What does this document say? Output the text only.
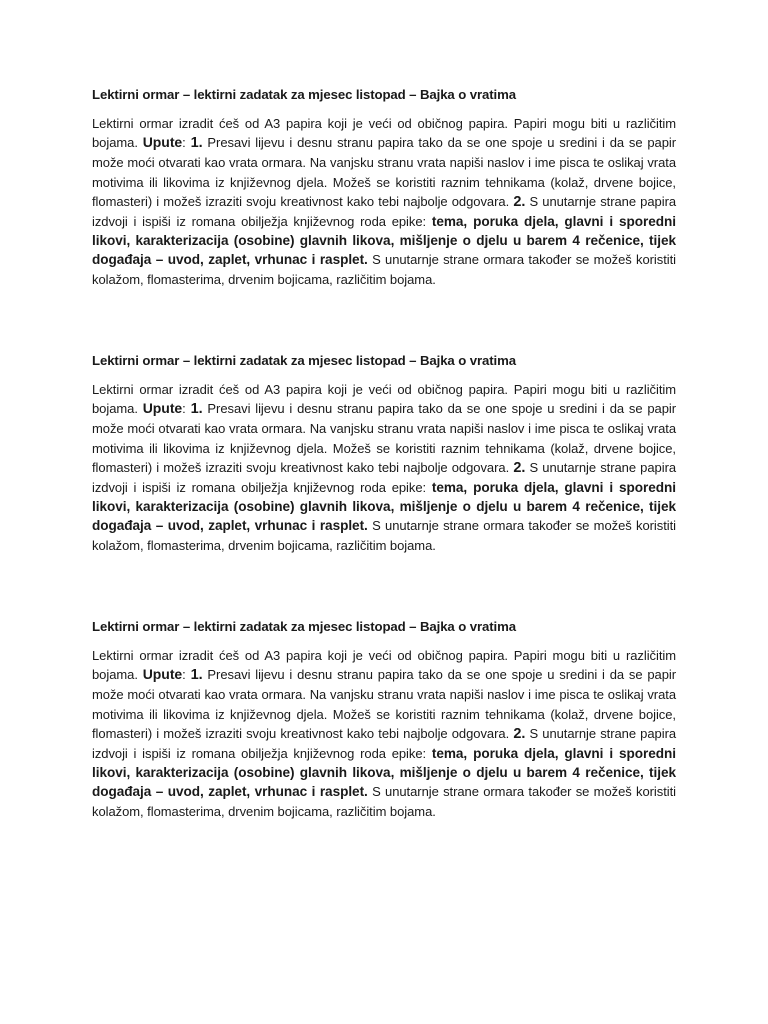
Lektirni ormar – lektirni zadatak za mjesec listopad – Bajka o vratima

Lektirni ormar izradit ćeš od A3 papira koji je veći od običnog papira. Papiri mogu biti u različitim bojama. Upute: 1. Presavi lijevu i desnu stranu papira tako da se one spoje u sredini i da se papir može moći otvarati kao vrata ormara. Na vanjsku stranu vrata napiši naslov i ime pisca te oslikaj vrata motivima ili likovima iz književnog djela. Možeš se koristiti raznim tehnikama (kolaž, drvene bojice, flomasteri) i možeš izraziti svoju kreativnost kako tebi najbolje odgovara. 2. S unutarnje strane papira izdvoji i ispiši iz romana obilježja književnog roda epike: tema, poruka djela, glavni i sporedni likovi, karakterizacija (osobine) glavnih likova, mišljenje o djelu u barem 4 rečenice, tijek događaja – uvod, zaplet, vrhunac i rasplet. S unutarnje strane ormara također se možeš koristiti kolažom, flomasterima, drvenim bojicama, različitim bojama.

Lektirni ormar – lektirni zadatak za mjesec listopad – Bajka o vratima

Lektirni ormar izradit ćeš od A3 papira koji je veći od običnog papira. Papiri mogu biti u različitim bojama. Upute: 1. Presavi lijevu i desnu stranu papira tako da se one spoje u sredini i da se papir može moći otvarati kao vrata ormara. Na vanjsku stranu vrata napiši naslov i ime pisca te oslikaj vrata motivima ili likovima iz književnog djela. Možeš se koristiti raznim tehnikama (kolaž, drvene bojice, flomasteri) i možeš izraziti svoju kreativnost kako tebi najbolje odgovara. 2. S unutarnje strane papira izdvoji i ispiši iz romana obilježja književnog roda epike: tema, poruka djela, glavni i sporedni likovi, karakterizacija (osobine) glavnih likova, mišljenje o djelu u barem 4 rečenice, tijek događaja – uvod, zaplet, vrhunac i rasplet. S unutarnje strane ormara također se možeš koristiti kolažom, flomasterima, drvenim bojicama, različitim bojama.

Lektirni ormar – lektirni zadatak za mjesec listopad – Bajka o vratima

Lektirni ormar izradit ćeš od A3 papira koji je veći od običnog papira. Papiri mogu biti u različitim bojama. Upute: 1. Presavi lijevu i desnu stranu papira tako da se one spoje u sredini i da se papir može moći otvarati kao vrata ormara. Na vanjsku stranu vrata napiši naslov i ime pisca te oslikaj vrata motivima ili likovima iz književnog djela. Možeš se koristiti raznim tehnikama (kolaž, drvene bojice, flomasteri) i možeš izraziti svoju kreativnost kako tebi najbolje odgovara. 2. S unutarnje strane papira izdvoji i ispiši iz romana obilježja književnog roda epike: tema, poruka djela, glavni i sporedni likovi, karakterizacija (osobine) glavnih likova, mišljenje o djelu u barem 4 rečenice, tijek događaja – uvod, zaplet, vrhunac i rasplet. S unutarnje strane ormara također se možeš koristiti kolažom, flomasterima, drvenim bojicama, različitim bojama.
